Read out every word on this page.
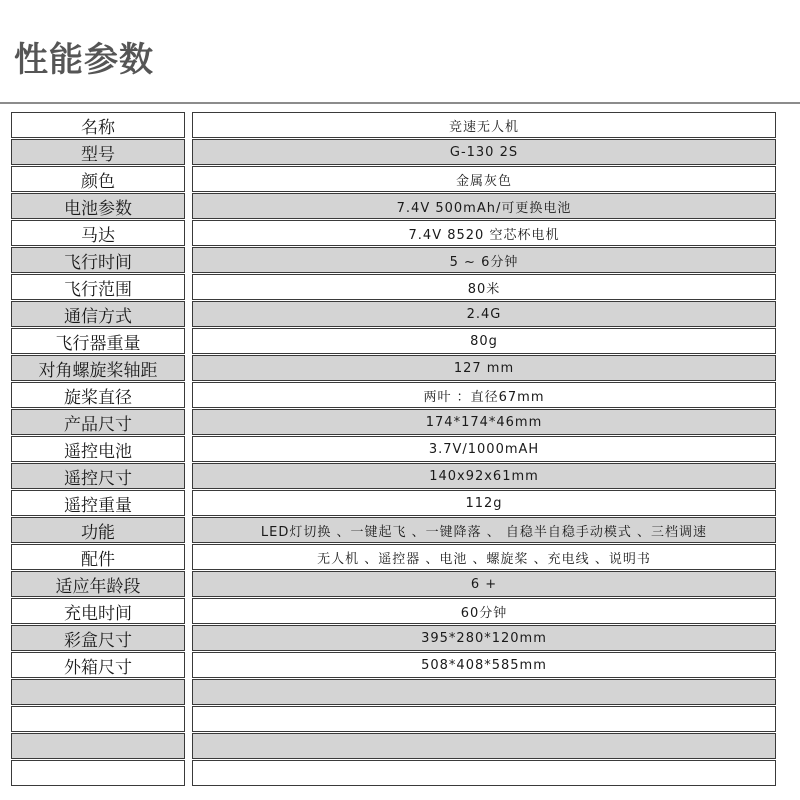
性能参数
名称	竞速无人机
型号	G-130 2S
颜色	金属灰色
电池参数	7.4V 500mAh/可更换电池
马达	7.4V 8520 空芯杯电机
飞行时间	5 ~ 6分钟
飞行范围	80米
通信方式	2.4G
飞行器重量	80g
对角螺旋桨轴距	127 mm
旋桨直径	两叶 ：直径67mm
产品尺寸	174*174*46mm
遥控电池	3.7V/1000mAH
遥控尺寸	140x92x61mm
遥控重量	112g
功能	LED灯切换 、一键起飞 、一键降落 、 自稳半自稳手动模式 、三档调速
配件	无人机 、遥控器 、电池 、螺旋桨 、充电线 、说明书
适应年龄段	6 +
充电时间	60分钟
彩盒尺寸	395*280*120mm
外箱尺寸	508*408*585mm
